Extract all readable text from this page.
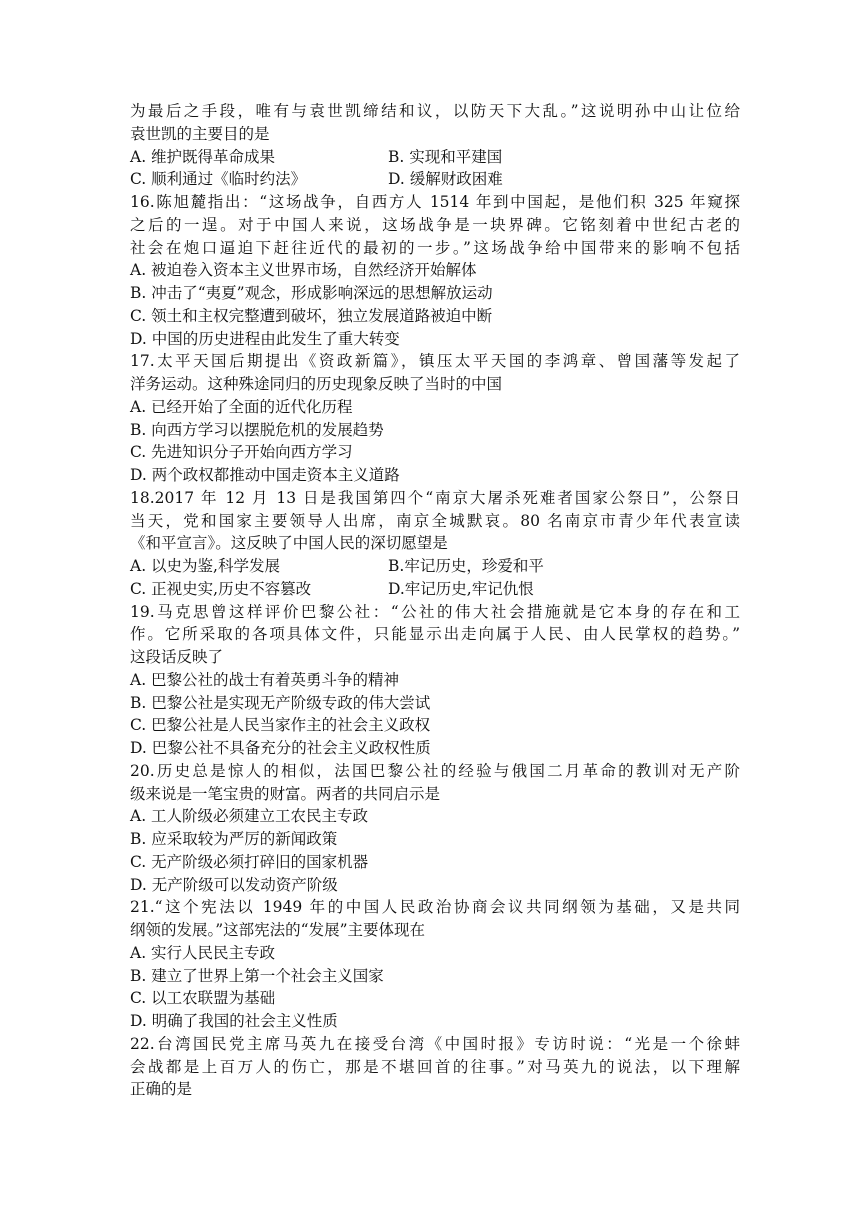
为最后之手段，唯有与袁世凯缔结和议，以防天下大乱。”这说明孙中山让位给
袁世凯的主要目的是
A. 维护既得革命成果	B. 实现和平建国
C. 顺利通过《临时约法》	D. 缓解财政困难
16.陈旭麓指出：“这场战争，自西方人 1514 年到中国起，是他们积 325 年窥探
之后的一逞。对于中国人来说，这场战争是一块界碑。它铭刻着中世纪古老的
社会在炮口逼迫下赶往近代的最初的一步。”这场战争给中国带来的影响不包括
A. 被迫卷入资本主义世界市场，自然经济开始解体
B. 冲击了“夷夏”观念，形成影响深远的思想解放运动
C. 领土和主权完整遭到破坏，独立发展道路被迫中断
D. 中国的历史进程由此发生了重大转变
17.太平天国后期提出《资政新篇》，镇压太平天国的李鸿章、曾国藩等发起了
洋务运动。这种殊途同归的历史现象反映了当时的中国
A. 已经开始了全面的近代化历程
B. 向西方学习以摆脱危机的发展趋势
C. 先进知识分子开始向西方学习
D. 两个政权都推动中国走资本主义道路
18.2017 年 12 月 13 日是我国第四个“南京大屠杀死难者国家公祭日”，公祭日
当天，党和国家主要领导人出席，南京全城默哀。80 名南京市青少年代表宣读
《和平宣言》。这反映了中国人民的深切愿望是
A. 以史为鉴,科学发展	B.牢记历史，珍爱和平
C. 正视史实,历史不容篡改	D.牢记历史,牢记仇恨
19.马克思曾这样评价巴黎公社：“公社的伟大社会措施就是它本身的存在和工
作。它所采取的各项具体文件，只能显示出走向属于人民、由人民掌权的趋势。”
这段话反映了
A. 巴黎公社的战士有着英勇斗争的精神
B. 巴黎公社是实现无产阶级专政的伟大尝试
C. 巴黎公社是人民当家作主的社会主义政权
D. 巴黎公社不具备充分的社会主义政权性质
20.历史总是惊人的相似，法国巴黎公社的经验与俄国二月革命的教训对无产阶
级来说是一笔宝贵的财富。两者的共同启示是
A. 工人阶级必须建立工农民主专政
B. 应采取较为严厉的新闻政策
C. 无产阶级必须打碎旧的国家机器
D. 无产阶级可以发动资产阶级
21.“这个宪法以 1949 年的中国人民政治协商会议共同纲领为基础，又是共同
纲领的发展。”这部宪法的“发展”主要体现在
A. 实行人民民主专政
B. 建立了世界上第一个社会主义国家
C. 以工农联盟为基础
D. 明确了我国的社会主义性质
22.台湾国民党主席马英九在接受台湾《中国时报》专访时说：“光是一个徐蚌
会战都是上百万人的伤亡，那是不堪回首的往事。”对马英九的说法，以下理解
正确的是
